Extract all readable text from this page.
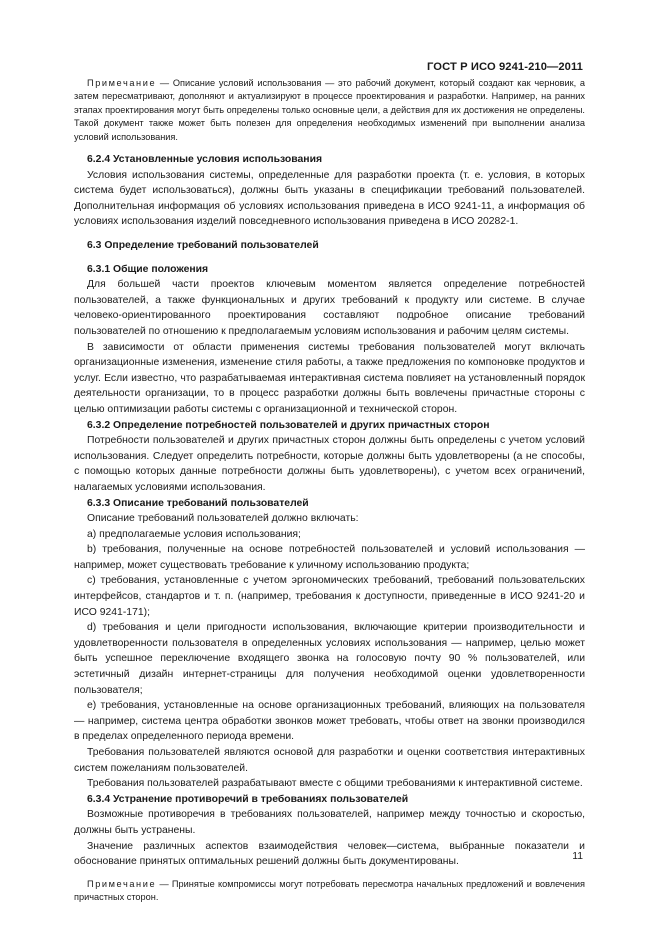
ГОСТ Р ИСО 9241-210—2011

Примечание — Описание условий использования — это рабочий документ, который создают как черновик, а затем пересматривают, дополняют и актуализируют в процессе проектирования и разработки. Например, на ранних этапах проектирования могут быть определены только основные цели, а действия для их достижения не определены. Такой документ также может быть полезен для определения необходимых изменений при выполнении анализа условий использования.

6.2.4 Установленные условия использования

Условия использования системы, определенные для разработки проекта (т. е. условия, в которых система будет использоваться), должны быть указаны в спецификации требований пользователей. Дополнительная информация об условиях использования приведена в ИСО 9241-11, а информация об условиях использования изделий повседневного использования приведена в ИСО 20282-1.

6.3 Определение требований пользователей
6.3.1 Общие положения

Для большей части проектов ключевым моментом является определение потребностей пользователей, а также функциональных и других требований к продукту или системе. В случае человеко-ориентированного проектирования составляют подробное описание требований пользователей по отношению к предполагаемым условиям использования и рабочим целям системы.

В зависимости от области применения системы требования пользователей могут включать организационные изменения, изменение стиля работы, а также предложения по компоновке продуктов и услуг. Если известно, что разрабатываемая интерактивная система повлияет на установленный порядок деятельности организации, то в процесс разработки должны быть вовлечены причастные стороны с целью оптимизации работы системы с организационной и технической сторон.

6.3.2 Определение потребностей пользователей и других причастных сторон

Потребности пользователей и других причастных сторон должны быть определены с учетом условий использования. Следует определить потребности, которые должны быть удовлетворены (а не способы, с помощью которых данные потребности должны быть удовлетворены), с учетом всех ограничений, налагаемых условиями использования.

6.3.3 Описание требований пользователей

Описание требований пользователей должно включать:

a) предполагаемые условия использования;

b) требования, полученные на основе потребностей пользователей и условий использования — например, может существовать требование к уличному использованию продукта;

c) требования, установленные с учетом эргономических требований, требований пользовательских интерфейсов, стандартов и т. п. (например, требования к доступности, приведенные в ИСО 9241-20 и ИСО 9241-171);

d) требования и цели пригодности использования, включающие критерии производительности и удовлетворенности пользователя в определенных условиях использования — например, целью может быть успешное переключение входящего звонка на голосовую почту 90 % пользователей, или эстетичный дизайн интернет-страницы для получения необходимой оценки удовлетворенности пользователя;

e) требования, установленные на основе организационных требований, влияющих на пользователя — например, система центра обработки звонков может требовать, чтобы ответ на звонки производился в пределах определенного периода времени.

Требования пользователей являются основой для разработки и оценки соответствия интерактивных систем пожеланиям пользователей.

Требования пользователей разрабатывают вместе с общими требованиями к интерактивной системе.

6.3.4 Устранение противоречий в требованиях пользователей

Возможные противоречия в требованиях пользователей, например между точностью и скоростью, должны быть устранены.

Значение различных аспектов взаимодействия человек—система, выбранные показатели и обоснование принятых оптимальных решений должны быть документированы.

Примечание — Принятые компромиссы могут потребовать пересмотра начальных предложений и вовлечения причастных сторон.

11
